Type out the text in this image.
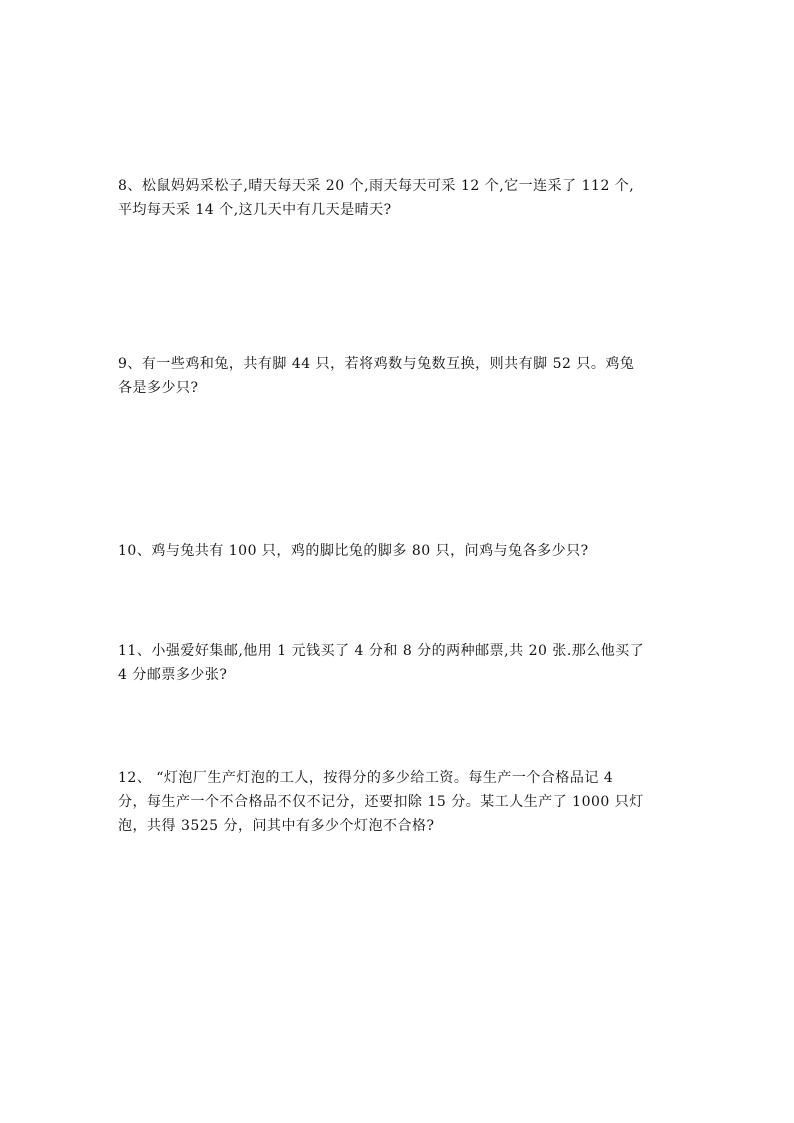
8、松鼠妈妈采松子,晴天每天采 20 个,雨天每天可采 12 个,它一连采了 112 个,
平均每天采 14 个,这几天中有几天是晴天?
9、有一些鸡和兔，共有脚 44 只，若将鸡数与兔数互换，则共有脚 52 只。鸡兔
各是多少只?
10、鸡与兔共有 100 只，鸡的脚比兔的脚多 80 只，问鸡与兔各多少只?
11、小强爱好集邮,他用 1 元钱买了 4 分和 8 分的两种邮票,共 20 张.那么他买了
4 分邮票多少张?
12、 “灯泡厂生产灯泡的工人，按得分的多少给工资。每生产一个合格品记 4
分，每生产一个不合格品不仅不记分，还要扣除 15 分。某工人生产了 1000 只灯
泡，共得 3525 分，问其中有多少个灯泡不合格?
